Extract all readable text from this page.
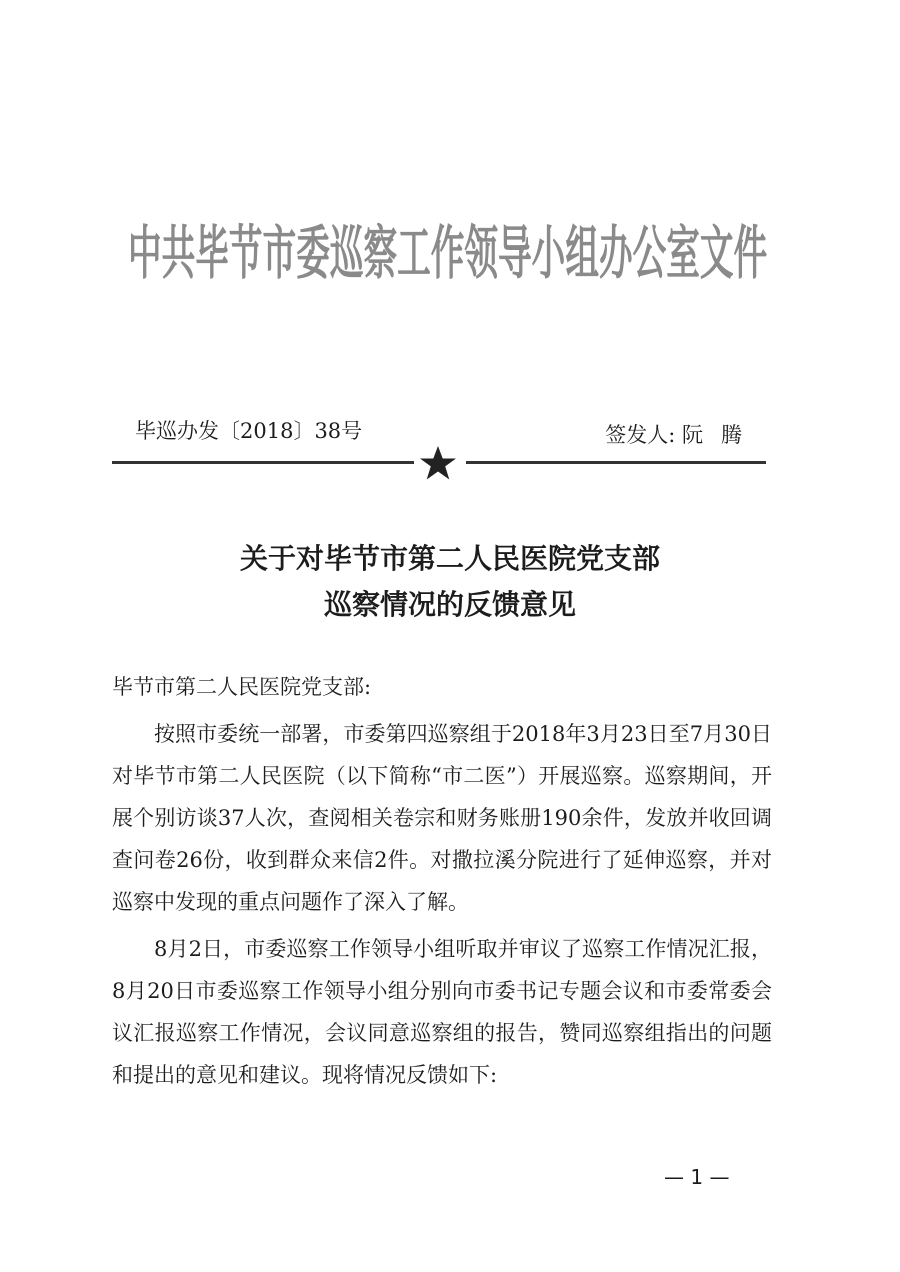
中共毕节市委巡察工作领导小组办公室文件
毕巡办发〔2018〕38号	签发人: 阮腾
关于对毕节市第二人民医院党支部
巡察情况的反馈意见

毕节市第二人民医院党支部:

按照市委统一部署，市委第四巡察组于2018年3月23日至7月30日对毕节市第二人民医院（以下简称“市二医”）开展巡察。巡察期间，开展个别访谈37人次，查阅相关卷宗和财务账册190余件，发放并收回调查问卷26份，收到群众来信2件。对撒拉溪分院进行了延伸巡察，并对巡察中发现的重点问题作了深入了解。

8月2日，市委巡察工作领导小组听取并审议了巡察工作情况汇报，8月20日市委巡察工作领导小组分别向市委书记专题会议和市委常委会议汇报巡察工作情况，会议同意巡察组的报告，赞同巡察组指出的问题和提出的意见和建议。现将情况反馈如下:

— 1 —
